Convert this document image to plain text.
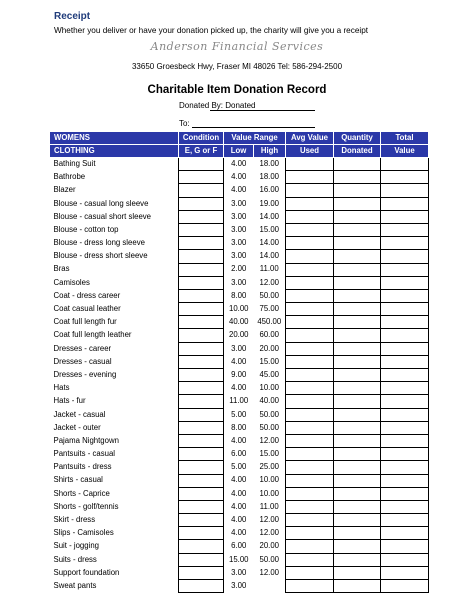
Receipt
Whether you deliver or have your donation picked up, the charity will give you a receipt
Anderson Financial Services
33650 Groesbeck Hwy, Fraser MI 48026 Tel: 586-294-2500
Charitable Item Donation Record
Donated By: Donated
To:
WOMENS	Condition	Value Range		Avg Value	Quantity	Total
CLOTHING	E, G or F	Low	High	Used	Donated	Value
Bathing Suit		4.00	18.00			
Bathrobe		4.00	18.00			
Blazer		4.00	16.00			
Blouse - casual long sleeve		3.00	19.00			
Blouse - casual short sleeve		3.00	14.00			
Blouse - cotton top		3.00	15.00			
Blouse - dress long sleeve		3.00	14.00			
Blouse - dress short sleeve		3.00	14.00			
Bras		2.00	11.00			
Camisoles		3.00	12.00			
Coat - dress career		8.00	50.00			
Coat casual leather		10.00	75.00			
Coat full length fur		40.00	450.00			
Coat full length leather		20.00	60.00			
Dresses - career		3.00	20.00			
Dresses - casual		4.00	15.00			
Dresses - evening		9.00	45.00			
Hats		4.00	10.00			
Hats - fur		11.00	40.00			
Jacket - casual		5.00	50.00			
Jacket - outer		8.00	50.00			
Pajama Nightgown		4.00	12.00			
Pantsuits - casual		6.00	15.00			
Pantsuits - dress		5.00	25.00			
Shirts - casual		4.00	10.00			
Shorts - Caprice		4.00	10.00			
Shorts - golf/tennis		4.00	11.00			
Skirt - dress		4.00	12.00			
Slips - Camisoles		4.00	12.00			
Suit - jogging		6.00	20.00			
Suits - dress		15.00	50.00			
Support foundation		3.00	12.00			
Sweat pants		3.00				
